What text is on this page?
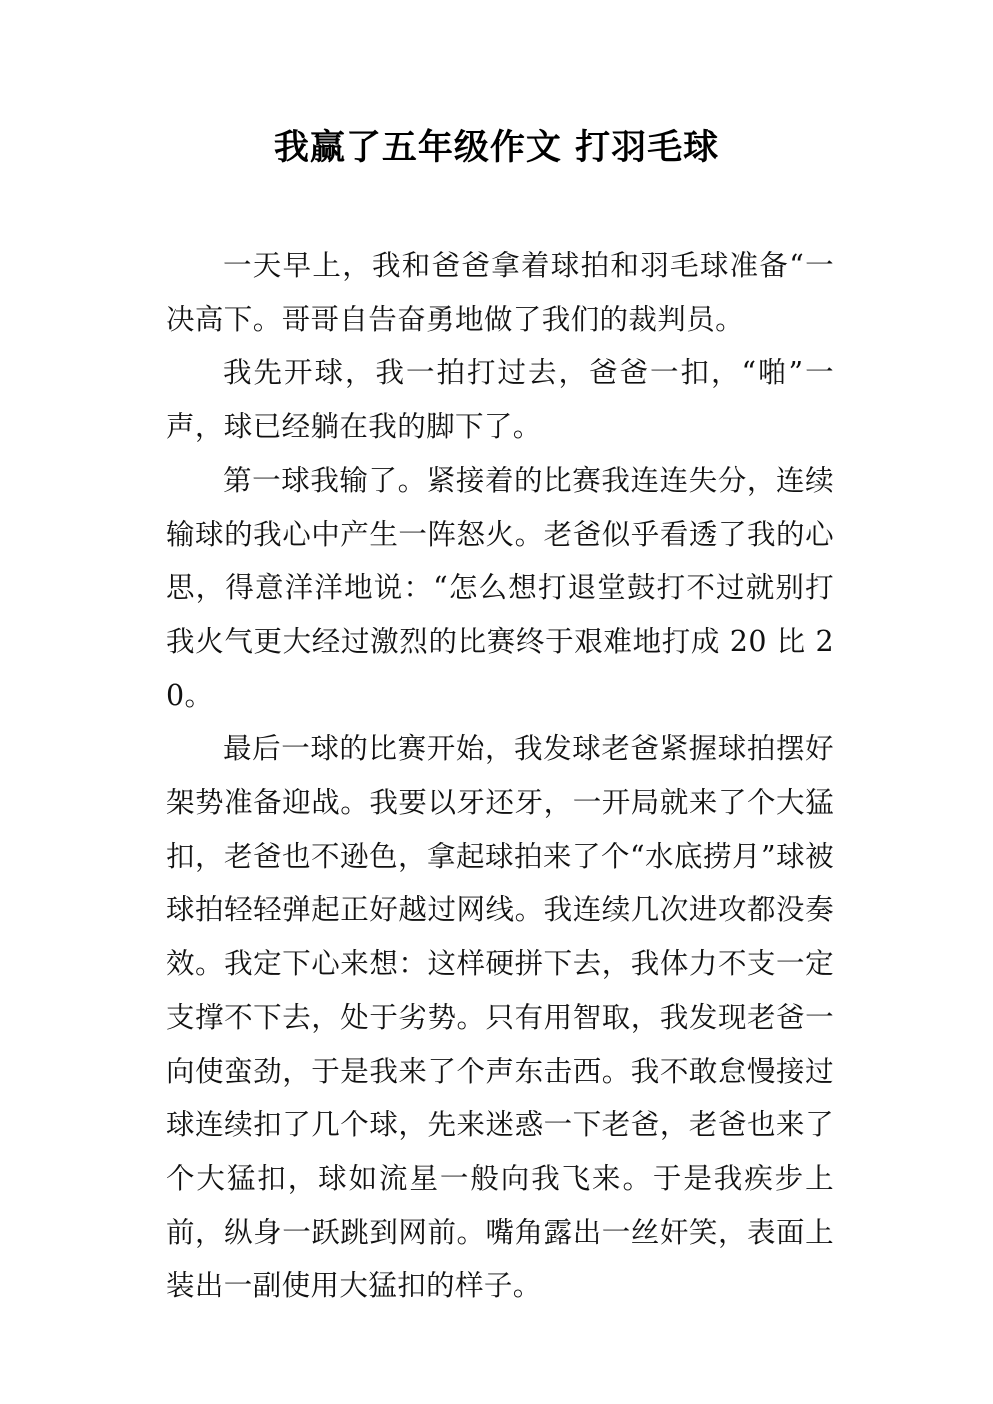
我赢了五年级作文 打羽毛球

一天早上，我和爸爸拿着球拍和羽毛球准备“一决高下。哥哥自告奋勇地做了我们的裁判员。

我先开球，我一拍打过去，爸爸一扣，“啪”一声，球已经躺在我的脚下了。

第一球我输了。紧接着的比赛我连连失分，连续输球的我心中产生一阵怒火。老爸似乎看透了我的心思，得意洋洋地说：“怎么想打退堂鼓打不过就别打我火气更大经过激烈的比赛终于艰难地打成 20 比 20。

最后一球的比赛开始，我发球老爸紧握球拍摆好架势准备迎战。我要以牙还牙，一开局就来了个大猛扣，老爸也不逊色，拿起球拍来了个“水底捞月”球被球拍轻轻弹起正好越过网线。我连续几次进攻都没奏效。我定下心来想：这样硬拼下去，我体力不支一定支撑不下去，处于劣势。只有用智取，我发现老爸一向使蛮劲，于是我来了个声东击西。我不敢怠慢接过球连续扣了几个球，先来迷惑一下老爸，老爸也来了个大猛扣，球如流星一般向我飞来。于是我疾步上前，纵身一跃跳到网前。嘴角露出一丝奸笑，表面上装出一副使用大猛扣的样子。
